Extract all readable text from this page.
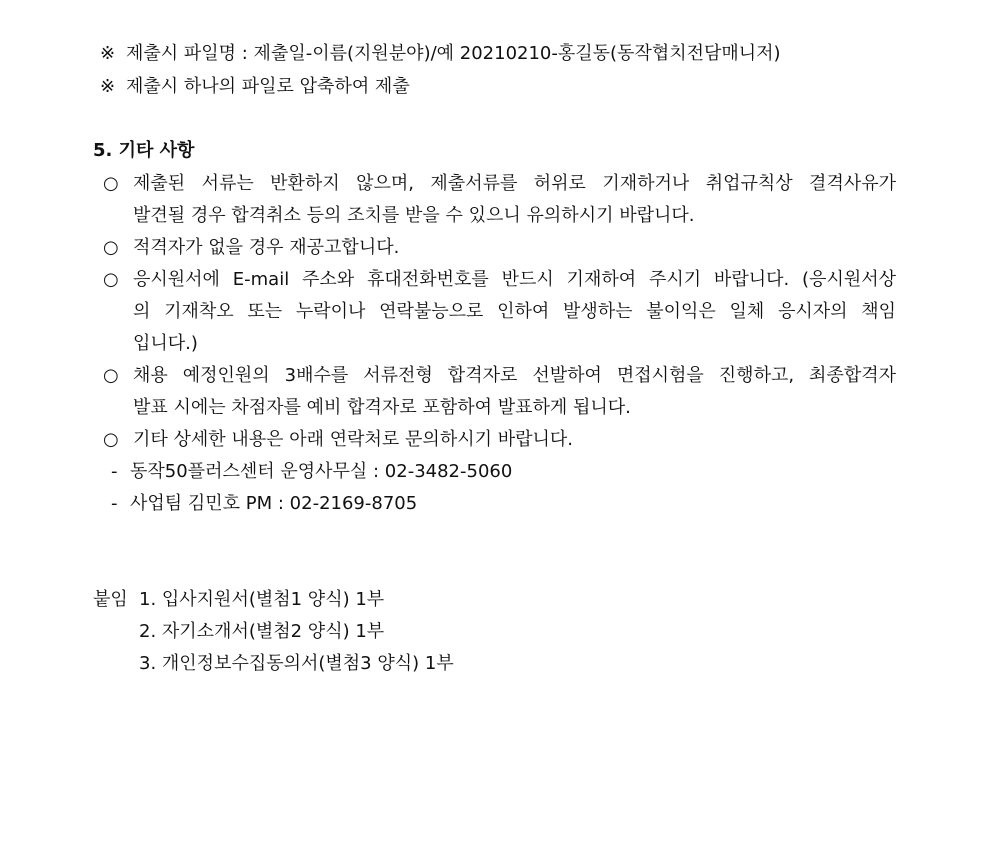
※ 제출시 파일명 : 제출일-이름(지원분야)/예 20210210-홍길동(동작협치전담매니저)
※ 제출시 하나의 파일로 압축하여 제출
5. 기타 사항
○ 제출된 서류는 반환하지 않으며, 제출서류를 허위로 기재하거나 취업규칙상 결격사유가
발견될 경우 합격취소 등의 조치를 받을 수 있으니 유의하시기 바랍니다.
○ 적격자가 없을 경우 재공고합니다.
○ 응시원서에 E-mail 주소와 휴대전화번호를 반드시 기재하여 주시기 바랍니다. (응시원서상
의 기재착오 또는 누락이나 연락불능으로 인하여 발생하는 불이익은 일체 응시자의 책임
입니다.)
○ 채용 예정인원의 3배수를 서류전형 합격자로 선발하여 면접시험을 진행하고, 최종합격자
발표 시에는 차점자를 예비 합격자로 포함하여 발표하게 됩니다.
○ 기타 상세한 내용은 아래 연락처로 문의하시기 바랍니다.
- 동작50플러스센터 운영사무실 : 02-3482-5060
- 사업팀 김민호 PM : 02-2169-8705
붙임 1. 입사지원서(별첨1 양식) 1부
2. 자기소개서(별첨2 양식) 1부
3. 개인정보수집동의서(별첨3 양식) 1부
